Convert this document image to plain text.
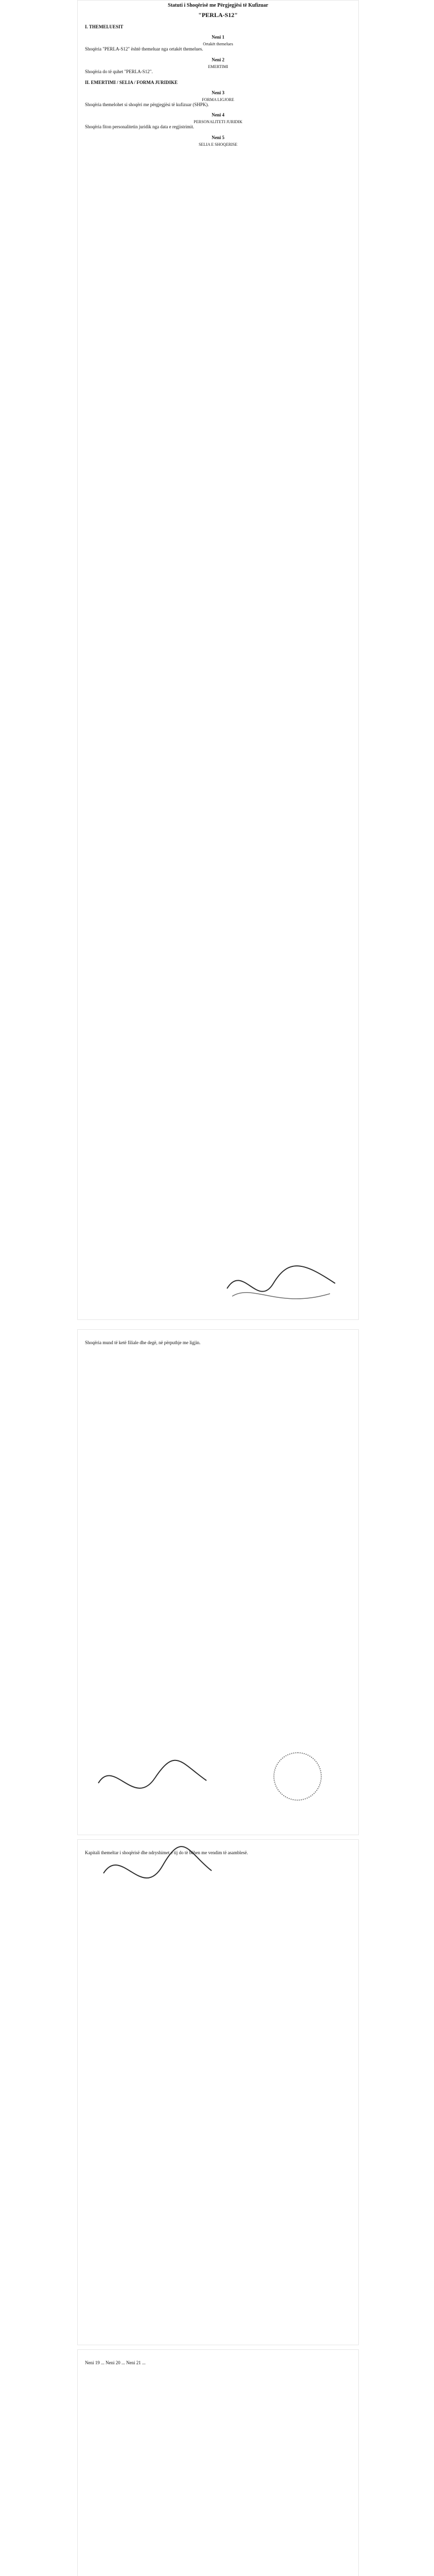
Statuti i Shoqërisë me Përgjegjësi të Kufizuar
"PERLA-S12"
I. THEMELUESIT
Neni 1
Ortakët themelues

Shoqëria "PERLA-S12" është themeluar nga ortakët themelues.

Neni 2
EMERTIMI

Shoqëria do të quhet "PERLA-S12".

II. EMERTIMI / SELIA / FORMA JURIDIKE
Neni 3
FORMA LIGJORE

Shoqëria themelohet si shoqëri me përgjegjësi të kufizuar (SHPK).

Neni 4
PERSONALITETI JURIDIK

Shoqëria fiton personalitetin juridik nga data e regjistrimit.

Neni 5
SELIA E SHOQERISE

Shoqëria mund të ketë filiale dhe degë, në përputhje me ligjin.

Kapitali themeltar i shoqërisë dhe ndryshimet e tij do të bëhen me vendim të asamblesë.

Neni 19 ... Neni 20 ... Neni 21 ...
